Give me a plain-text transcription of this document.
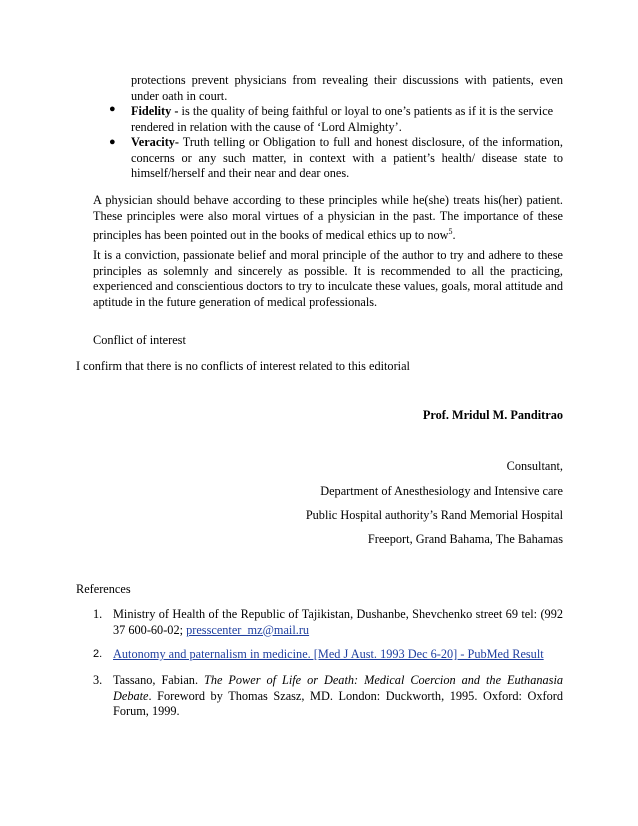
protections prevent physicians from revealing their discussions with patients, even under oath in court.
● Fidelity - is the quality of being faithful or loyal to one’s patients as if it is the service rendered in relation with the cause of ‘Lord Almighty’.
● Veracity- Truth telling or Obligation to full and honest disclosure, of the information, concerns or any such matter, in context with a patient’s health/ disease state to himself/herself and their near and dear ones.
A physician should behave according to these principles while he(she) treats his(her) patient. These principles were also moral virtues of a physician in the past. The importance of these principles has been pointed out in the books of medical ethics up to now$^5$.
It is a conviction, passionate belief and moral principle of the author to try and adhere to these principles as solemnly and sincerely as possible. It is recommended to all the practicing, experienced and conscientious doctors to try to inculcate these values, goals, moral attitude and aptitude in the future generation of medical professionals.
Conflict of interest
I confirm that there is no conflicts of interest related to this editorial
Prof. Mridul M. Panditrao
Consultant,
Department of Anesthesiology and Intensive care
Public Hospital authority’s Rand Memorial Hospital
Freeport, Grand Bahama, The Bahamas
References
1. Ministry of Health of the Republic of Tajikistan, Dushanbe, Shevchenko street 69 tel: (992 37 600-60-02; presscenter_mz@mail.ru
2. Autonomy and paternalism in medicine. [Med J Aust. 1993 Dec 6-20] - PubMed Result
3. Tassano, Fabian. The Power of Life or Death: Medical Coercion and the Euthanasia Debate. Foreword by Thomas Szasz, MD. London: Duckworth, 1995. Oxford: Oxford Forum, 1999.
